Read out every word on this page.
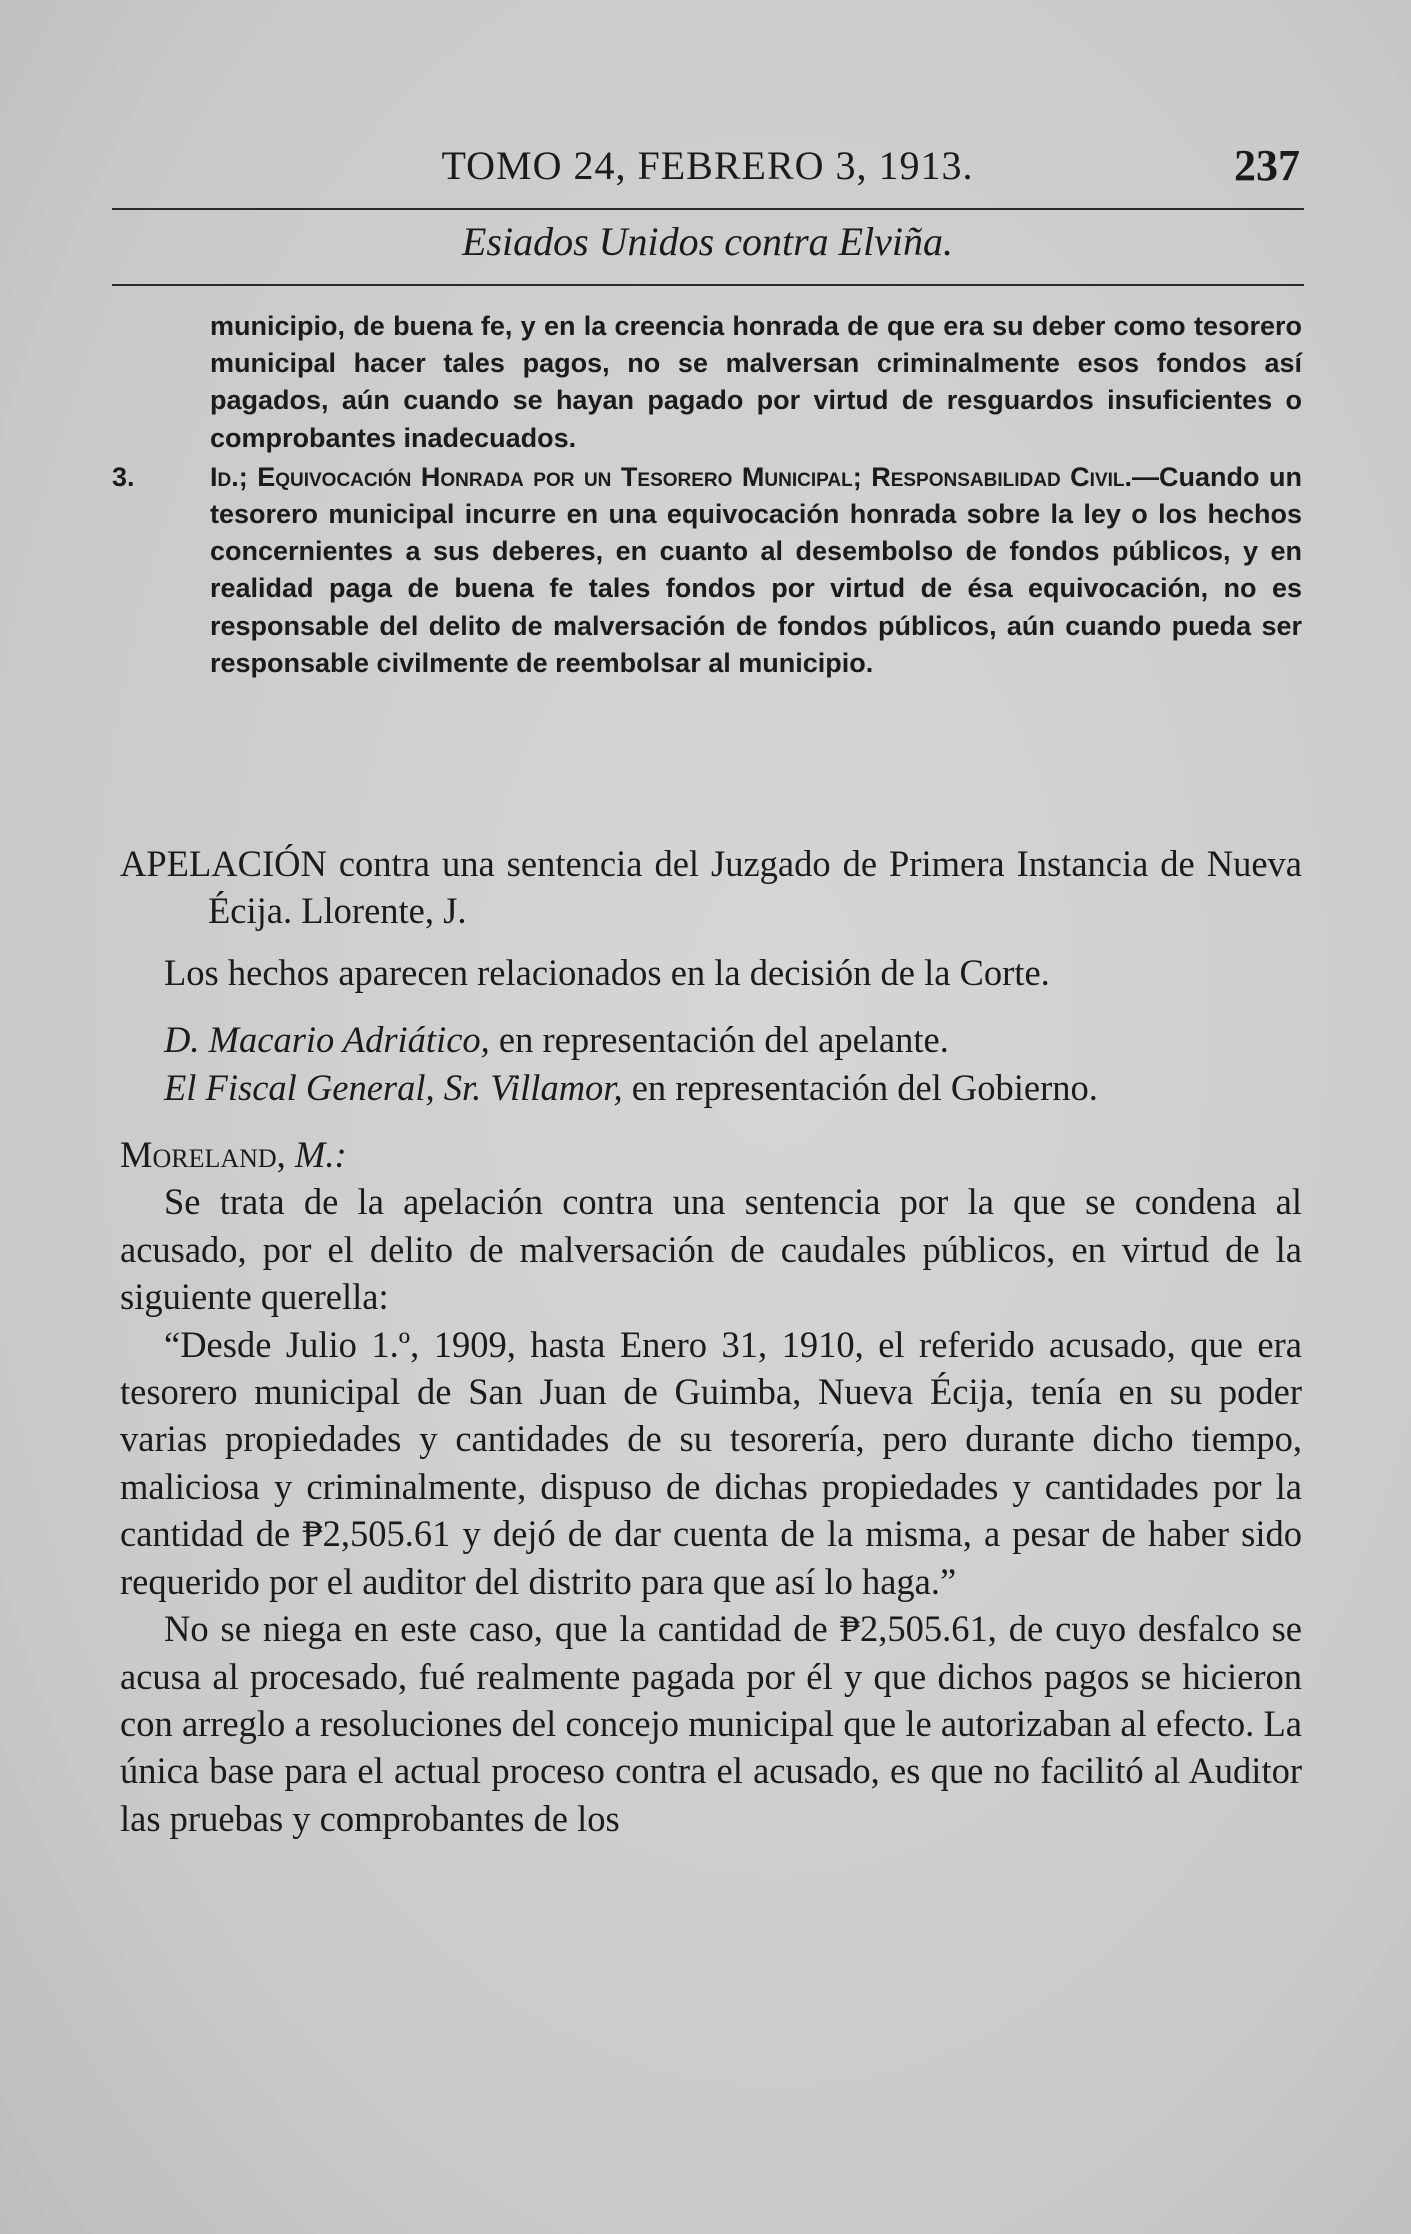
TOMO 24, FEBRERO 3, 1913.	237
Esiados Unidos contra Elviña.

municipio, de buena fe, y en la creencia honrada de que era su deber como tesorero municipal hacer tales pagos, no se malversan criminalmente esos fondos así pagados, aún cuando se hayan pagado por virtud de resguardos insuficientes o comprobantes inadecuados.

3.	Id.; Equivocación Honrada por un Tesorero Municipal; Responsabilidad Civil.—Cuando un tesorero municipal incurre en una equivocación honrada sobre la ley o los hechos concernientes a sus deberes, en cuanto al desembolso de fondos públicos, y en realidad paga de buena fe tales fondos por virtud de ésa equivocación, no es responsable del delito de malversación de fondos públicos, aún cuando pueda ser responsable civilmente de reembolsar al municipio.

APELACIÓN contra una sentencia del Juzgado de Primera Instancia de Nueva Écija. Llorente, J.

Los hechos aparecen relacionados en la decisión de la Corte.

D. Macario Adriático, en representación del apelante.

El Fiscal General, Sr. Villamor, en representación del Gobierno.

Moreland, M.:

Se trata de la apelación contra una sentencia por la que se condena al acusado, por el delito de malversación de caudales públicos, en virtud de la siguiente querella:

“Desde Julio 1.º, 1909, hasta Enero 31, 1910, el referido acusado, que era tesorero municipal de San Juan de Guimba, Nueva Écija, tenía en su poder varias propiedades y cantidades de su tesorería, pero durante dicho tiempo, maliciosa y criminalmente, dispuso de dichas propiedades y cantidades por la cantidad de ₱2,505.61 y dejó de dar cuenta de la misma, a pesar de haber sido requerido por el auditor del distrito para que así lo haga.”

No se niega en este caso, que la cantidad de ₱2,505.61, de cuyo desfalco se acusa al procesado, fué realmente pagada por él y que dichos pagos se hicieron con arreglo a resoluciones del concejo municipal que le autorizaban al efecto. La única base para el actual proceso contra el acusado, es que no facilitó al Auditor las pruebas y comprobantes de los
